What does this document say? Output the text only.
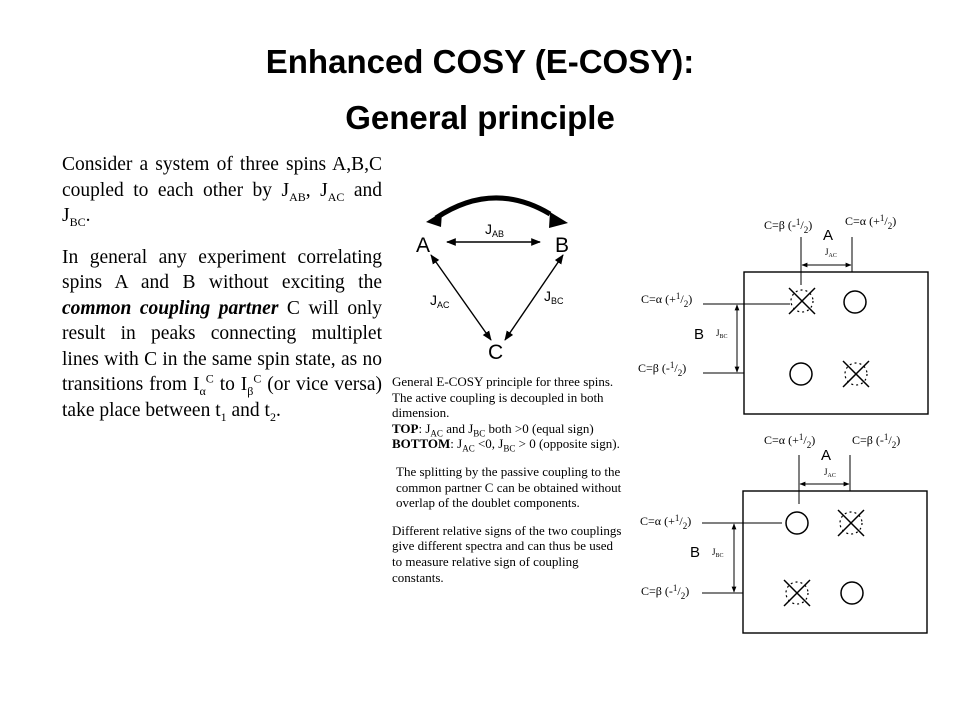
Enhanced COSY (E-COSY):
General principle

Consider a system of three spins A,B,C coupled to each other by $J_{AB}$, $J_{AC}$ and $J_{BC}$.

In general any experiment correlating spins A and B without exciting the common coupling partner C will only result in peaks connecting multiplet lines with C in the same spin state, as no transitions from $I_\alpha^C$ to $I_\beta^C$ (or vice versa) take place between $t_1$ and $t_2$.

A	B
C
$J_{AB}$
$J_{AC}$
$J_{BC}$

General E-COSY principle for three spins. The active coupling is decoupled in both dimension.
TOP: $J_{AC}$ and $J_{BC}$ both >0 (equal sign)
BOTTOM: $J_{AC} <0$, $J_{BC} > 0$ (opposite sign).

The splitting by the passive coupling to the common partner C can be obtained without overlap of the doublet components.

Different relative signs of the two couplings give different spectra and can thus be used to measure relative sign of coupling constants.

C=β $(-^1/_2)$	C=α $(+^1/_2)$
A
$J_{AC}$
C=α $(+^1/_2)$
C=β $(-^1/_2)$
B $J_{BC}$
C=α $(+^1/_2)$	C=β $(-^1/_2)$
A
$J_{AC}$
C=α $(+^1/_2)$
C=β $(-^1/_2)$
B $J_{BC}$
